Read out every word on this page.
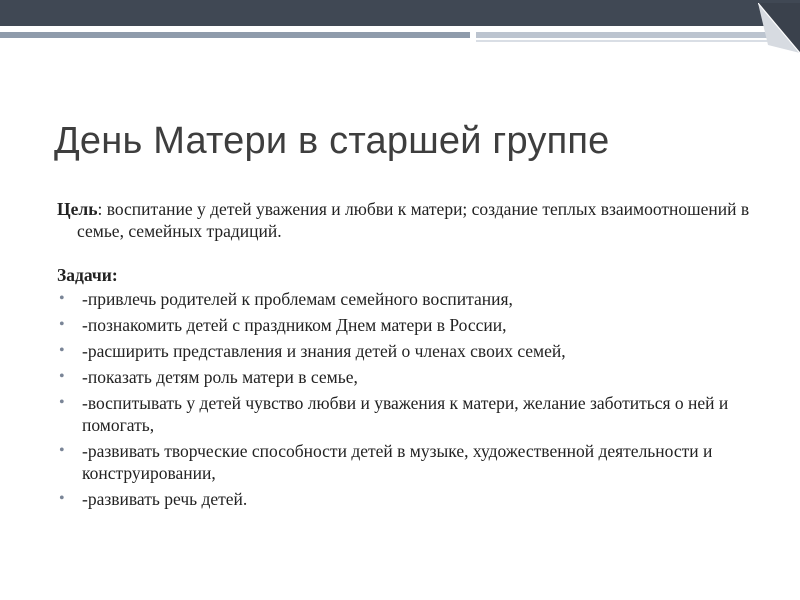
День Матери в старшей группе

Цель: воспитание у детей уважения и любви к матери; создание теплых взаимоотношений в семье, семейных традиций.

Задачи:

• -привлечь родителей к проблемам семейного воспитания,
• -познакомить детей с праздником Днем матери в России,
• -расширить представления и знания детей о членах своих семей,
• -показать детям роль матери в семье,
• -воспитывать у детей чувство любви и уважения к матери, желание заботиться о ней и помогать,
• -развивать творческие способности детей в музыке, художественной деятельности и конструировании,
• -развивать речь детей.
